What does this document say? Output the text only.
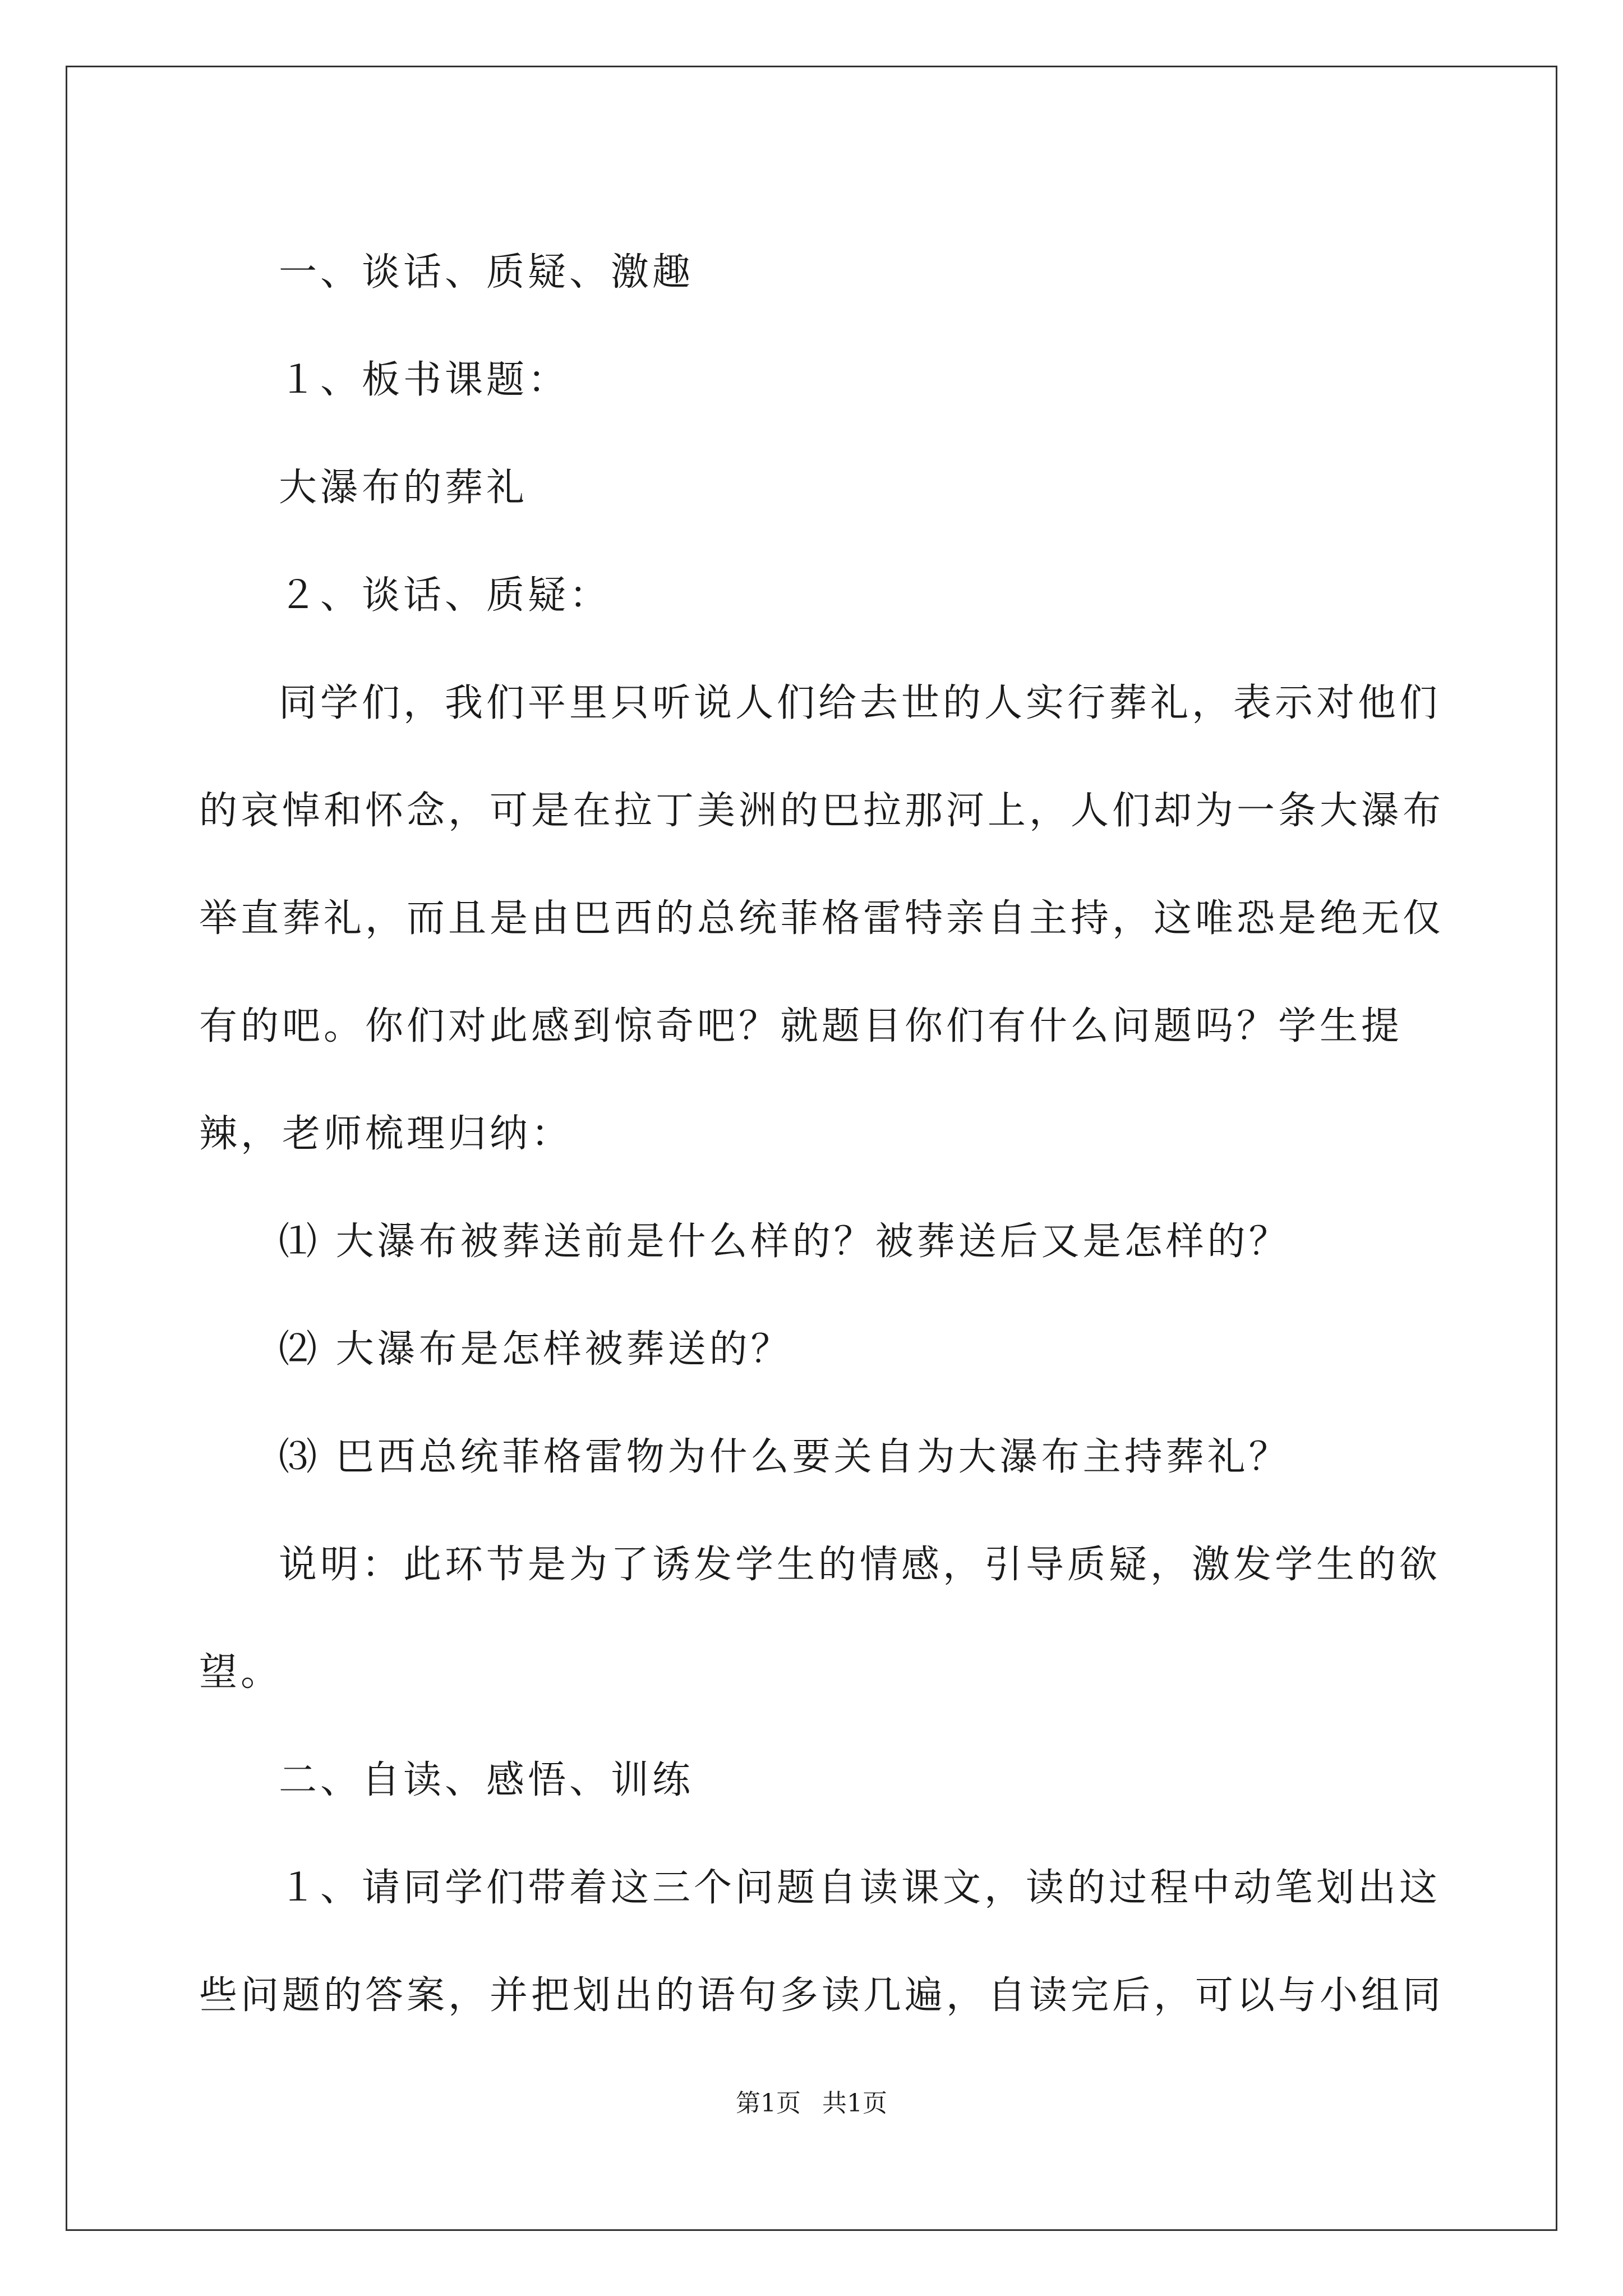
一、谈话、质疑、激趣

１、板书课题：

大瀑布的葬礼

２、谈话、质疑：

同学们，我们平里只听说人们给去世的人实行葬礼，表示对他们的哀悼和怀念，可是在拉丁美洲的巴拉那河上，人们却为一条大瀑布举直葬礼，而且是由巴西的总统菲格雷特亲自主持，这唯恐是绝无仅有的吧。你们对此感到惊奇吧？就题目你们有什么问题吗？学生提辣，老师梳理归纳：

⑴ 大瀑布被葬送前是什么样的？被葬送后又是怎样的？

⑵ 大瀑布是怎样被葬送的？

⑶ 巴西总统菲格雷物为什么要关自为大瀑布主持葬礼？

说明：此环节是为了诱发学生的情感，引导质疑，激发学生的欲望。

二、自读、感悟、训练

１、请同学们带着这三个问题自读课文，读的过程中动笔划出这些问题的答案，并把划出的语句多读几遍，自读完后，可以与小组同

第1页 共1页
